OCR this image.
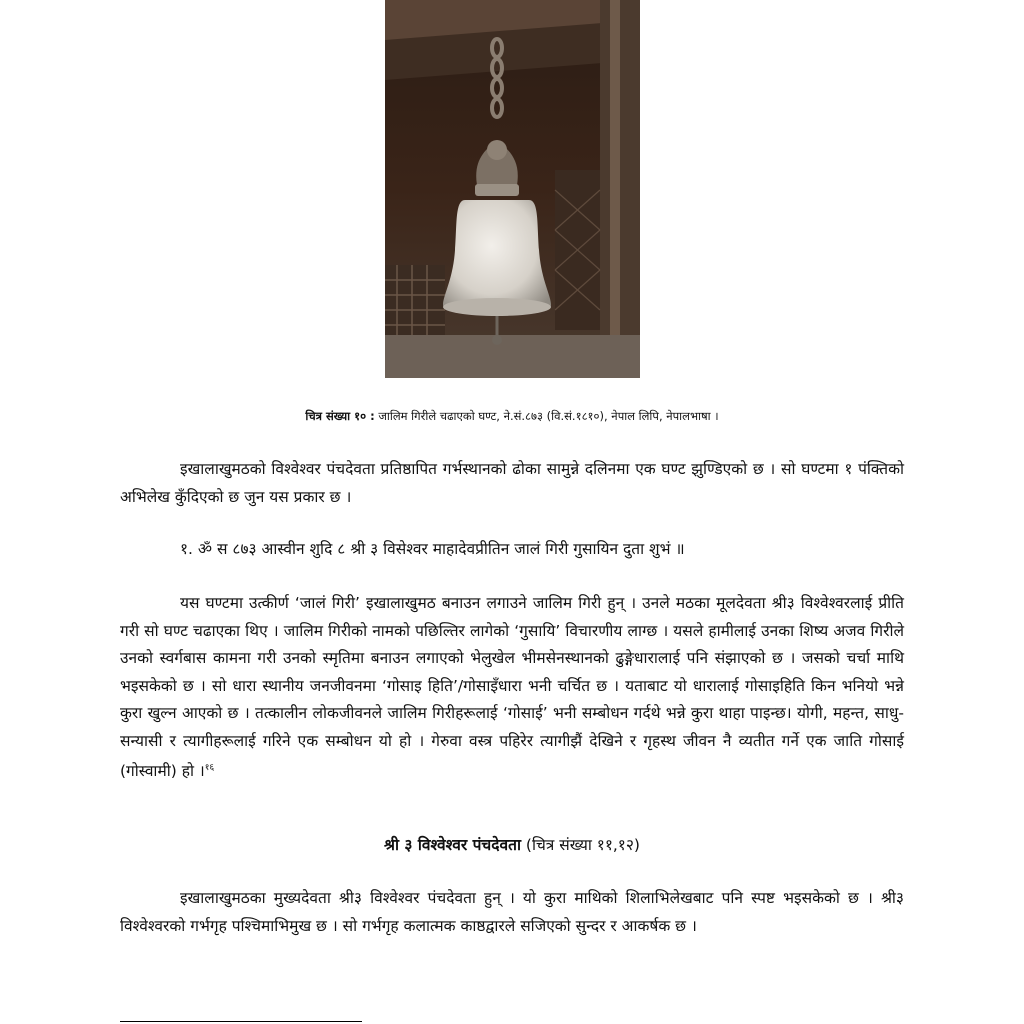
चित्र संख्या १० : जालिम गिरीले चढाएको घण्ट, ने.सं.८७३ (वि.सं.१८१०), नेपाल लिपि, नेपालभाषा ।

इखालाखुमठको विश्वेश्वर पंचदेवता प्रतिष्ठापित गर्भस्थानको ढोका सामुन्ने दलिनमा एक घण्ट झुण्डिएको छ । सो घण्टमा १ पंक्तिको अभिलेख कुँदिएको छ जुन यस प्रकार छ ।

१. ॐ स ८७३ आस्वीन शुदि ८ श्री ३ विसेश्वर माहादेवप्रीतिन जालं गिरी गुसायिन दुता शुभं ॥

यस घण्टमा उत्कीर्ण ‘जालं गिरी’ इखालाखुमठ बनाउन लगाउने जालिम गिरी हुन् । उनले मठका मूलदेवता श्री३ विश्वेश्वरलाई प्रीति गरी सो घण्ट चढाएका थिए । जालिम गिरीको नामको पछिल्तिर लागेको ‘गुसायि’ विचारणीय लाग्छ । यसले हामीलाई उनका शिष्य अजव गिरीले उनको स्वर्गबास कामना गरी उनको स्मृतिमा बनाउन लगाएको भेलुखेल भीमसेनस्थानको ढुङ्गेधारालाई पनि संझाएको छ । जसको चर्चा माथि भइसकेको छ । सो धारा स्थानीय जनजीवनमा ‘गोसाइ हिति’/गोसाइँधारा भनी चर्चित छ । यताबाट यो धारालाई गोसाइहिति किन भनियो भन्ने कुरा खुल्न आएको छ । तत्कालीन लोकजीवनले जालिम गिरीहरूलाई ‘गोसाई’ भनी सम्बोधन गर्दथे भन्ने कुरा थाहा पाइन्छ। योगी, महन्त, साधु-सन्यासी र त्यागीहरूलाई गरिने एक सम्बोधन यो हो । गेरुवा वस्त्र पहिरेर त्यागीझैं देखिने र गृहस्थ जीवन नै व्यतीत गर्ने एक जाति गोसाई (गोस्वामी) हो ।$^{१६}$

श्री ३ विश्वेश्वर पंचदेवता (चित्र संख्या ११,१२)

इखालाखुमठका मुख्यदेवता श्री३ विश्वेश्वर पंचदेवता हुन् । यो कुरा माथिको शिलाभिलेखबाट पनि स्पष्ट भइसकेको छ । श्री३ विश्वेश्वरको गर्भगृह पश्चिमाभिमुख छ । सो गर्भगृह कलात्मक काष्ठद्वारले सजिएको सुन्दर र आकर्षक छ ।
